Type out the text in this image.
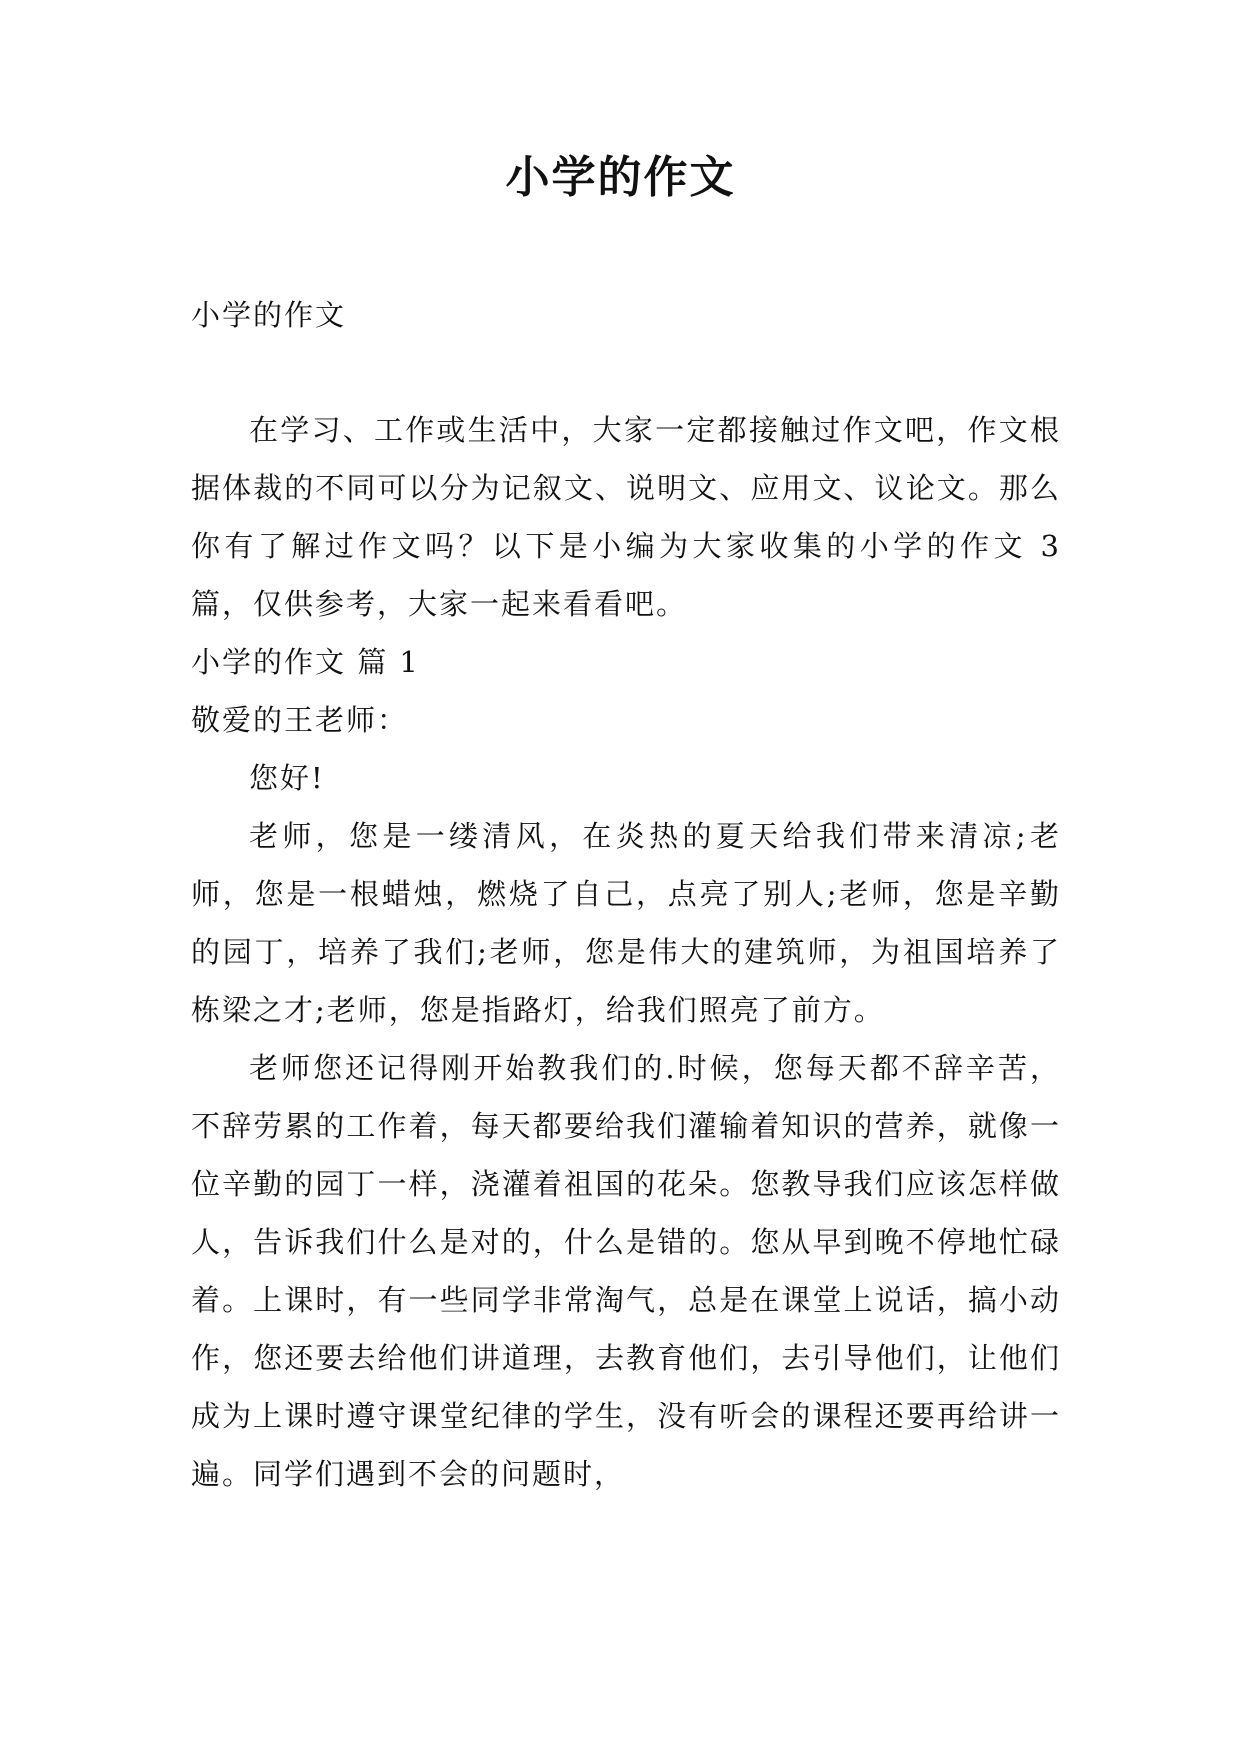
小学的作文

小学的作文

在学习、工作或生活中，大家一定都接触过作文吧，作文根据体裁的不同可以分为记叙文、说明文、应用文、议论文。那么你有了解过作文吗？以下是小编为大家收集的小学的作文 3 篇，仅供参考，大家一起来看看吧。

小学的作文 篇 1

敬爱的王老师：

您好!

老师，您是一缕清风，在炎热的夏天给我们带来清凉;老师，您是一根蜡烛，燃烧了自己，点亮了别人;老师，您是辛勤的园丁，培养了我们;老师，您是伟大的建筑师，为祖国培养了栋梁之才;老师，您是指路灯，给我们照亮了前方。

老师您还记得刚开始教我们的.时候，您每天都不辞辛苦，不辞劳累的工作着，每天都要给我们灌输着知识的营养，就像一位辛勤的园丁一样，浇灌着祖国的花朵。您教导我们应该怎样做人，告诉我们什么是对的，什么是错的。您从早到晚不停地忙碌着。上课时，有一些同学非常淘气，总是在课堂上说话，搞小动作，您还要去给他们讲道理，去教育他们，去引导他们，让他们成为上课时遵守课堂纪律的学生，没有听会的课程还要再给讲一遍。同学们遇到不会的问题时，
